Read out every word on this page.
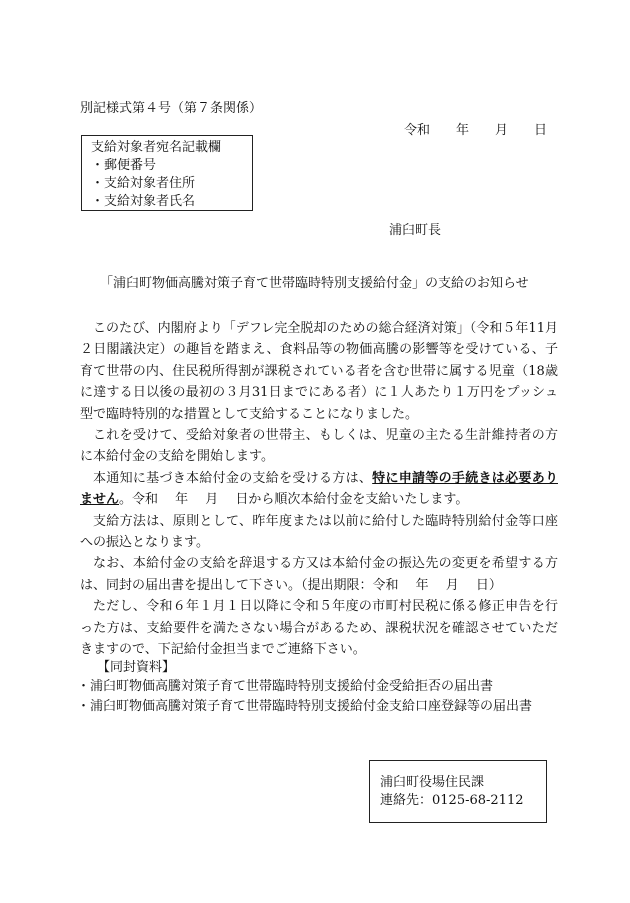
別記様式第４号（第７条関係）
令和 年 月 日
支給対象者宛名記載欄
・郵便番号
・支給対象者住所
・支給対象者氏名
浦臼町長
「浦臼町物価高騰対策子育て世帯臨時特別支援給付金」の支給のお知らせ

このたび、内閣府より「デフレ完全脱却のための総合経済対策」（令和５年11月２日閣議決定）の趣旨を踏まえ、食料品等の物価高騰の影響等を受けている、子育て世帯の内、住民税所得割が課税されている者を含む世帯に属する児童（18歳に達する日以後の最初の３月31日までにある者）に１人あたり１万円をプッシュ型で臨時特別的な措置として支給することになりました。

これを受けて、受給対象者の世帯主、もしくは、児童の主たる生計維持者の方に本給付金の支給を開始します。

本通知に基づき本給付金の支給を受ける方は、特に申請等の手続きは必要ありません。令和　 年　 月　 日から順次本給付金を支給いたします。

支給方法は、原則として、昨年度または以前に給付した臨時特別給付金等口座への振込となります。

なお、本給付金の支給を辞退する方又は本給付金の振込先の変更を希望する方は、同封の届出書を提出して下さい。（提出期限：令和　 年　 月　 日）

ただし、令和６年１月１日以降に令和５年度の市町村民税に係る修正申告を行った方は、支給要件を満たさない場合があるため、課税状況を確認させていただきますので、下記給付金担当までご連絡下さい。

【同封資料】
・浦臼町物価高騰対策子育て世帯臨時特別支援給付金受給拒否の届出書
・浦臼町物価高騰対策子育て世帯臨時特別支援給付金支給口座登録等の届出書
浦臼町役場住民課
連絡先：0125-68-2112
